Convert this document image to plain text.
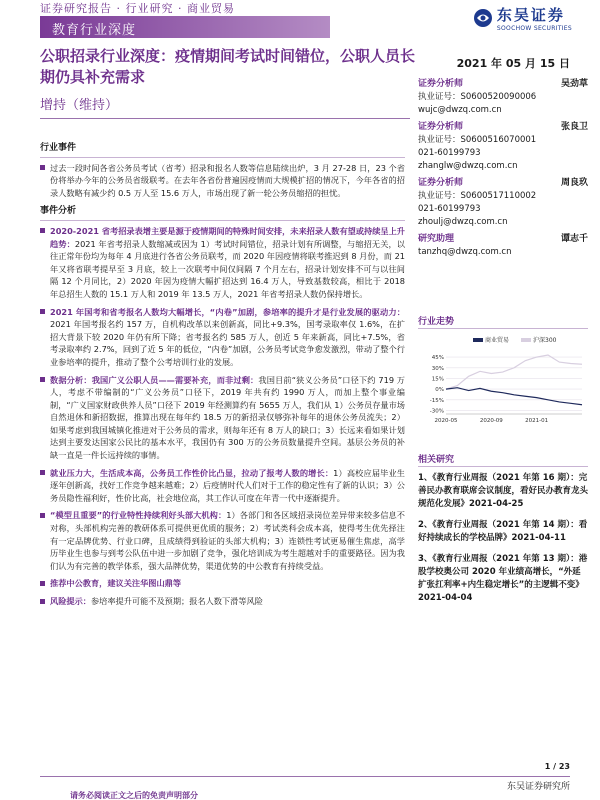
证券研究报告 · 行业研究 · 商业贸易	东吴证券
SOOCHOW SECURITIES
教育行业深度
公职招录行业深度：疫情期间考试时间错位，公职人员长期仍具补充需求
增持（维持）
2021 年 05 月 15 日
行业事件

过去一段时间各省公务员考试（省考）招录和报名人数等信息陆续出炉，3 月 27-28 日，23 个省份将举办今年的公务员省级联考。在去年各省份普遍因疫情而大规模扩招的情况下，今年各省的招录人数略有减少约 0.5 万人至 15.6 万人，市场出现了新一轮公务员缩招的担忧。

事件分析

2020-2021 省考招录表增主要是源于疫情期间的特殊时间安排，未来招录人数有望或持续呈上升趋势：2021 年省考招录人数缩减或因为 1）考试时间错位，招录计划有所调整，与缩招无关，以往正常年份均为每年 4 月底进行各省公务员联考，而 2020 年因疫情将联考推迟到 8 月份，而 21 年又将省联考提早至 3 月底，较上一次联考中间仅间隔 7 个月左右，招录计划安排不可与以往间隔 12 个月同比，2）2020 年因为疫情大幅扩招达到 16.4 万人，导致基数较高，相比于 2018 年总招生人数的 15.1 万人和 2019 年 13.5 万人，2021 年省考招录人数仍保持增长。

2021 年国考和省考报名人数均大幅增长，“内卷”加剧，参培率的提升才是行业发展的驱动力：2021 年国考报名约 157 万，自机构改革以来创新高，同比+9.3%，国考录取率仅 1.6%，在扩招大背景下较 2020 年仍有所下降；省考报名约 585 万人，创近 5 年来新高，同比+7.5%，省考录取率约 2.7%，回到了近 5 年的低位，“内卷”加剧，公务员考试竞争愈发激烈，带动了整个行业参培率的提升，推动了整个公考培训行业的发展。

数据分析：我国广义公职人员——需要补充，而非过剩：我国目前“狭义公务员”口径下约 719 万人，考虑不带编制的“广义公务员”口径下，2019 年共有约 1990 万人，而加上整个事业编制，“广义国家财政供养人员”口径下 2019 年经测算约有 5655 万人，我们从 1）公务员存量市场自然退休和新招数据，推算出现在每年约 18.5 万的新招录仅够弥补每年的退休公务员流失；2）如果考虑到我国城镇化推进对于公务员的需求，则每年还有 8 万人的缺口；3）长远来看如果计划达到主要发达国家公民比的基本水平，我国仍有 300 万的公务员数量提升空间。基层公务员的补缺一直是一件长远持续的事情。

就业压力大，生活成本高，公务员工作性价比凸显，拉动了报考人数的增长：1）高校应届毕业生逐年创新高，找好工作竞争越来越难；2）后疫情时代人们对于工作的稳定性有了新的认识；3）公务员隐性福利好，性价比高，社会地位高，其工作认可度在年青一代中逐渐提升。

“模型且重要”的行业特性持续利好头部大机构：1）各部门和各区域招录岗位差异带来较多信息不对称，头部机构完善的教研体系可提供更优质的服务；2）考试类科会成本高，使得考生优先择注有一定品牌优势、行业口碑，且成绩得到验证的头部大机构；3）连锁性考试更易催生焦虑，高学历毕业生也参与到考公队伍中进一步加剧了竞争，强化培训成为考生超越对手的重要路径。因为我们认为有完善的教学体系，强大品牌优势，渠道优势的中公教育有持续受益。

推荐中公教育，建议关注华图山鼎等

风险提示：参培率提升可能不及预期；报名人数下滑等风险

证券分析师	吴劲草
执业证号：S0600520090006
wujc@dwzq.com.cn
证券分析师	张良卫
执业证号：S0600516070001
021-60199793
zhanglw@dwzq.com.cn
证券分析师	周良玖
执业证号：S0600517110002
021-60199793
zhoulj@dwzq.com.cn
研究助理	谭志千
tanzhq@dwzq.com.cn
行业走势
商业贸易	沪深300
-30%
-15%
0%
15%
30%
45%
2020-05	2020-09	2021-01
相关研究
1、《教育行业周报（2021 年第 16 期）：完善民办教育联席会议制度，看好民办教育龙头规范化发展》2021-04-25
2、《教育行业周报（2021 年第 14 期）：看好持续成长的学校品牌》2021-04-11
3、《教育行业周报（2021 年第 13 期）：港股学校奥公司 2020 年业绩高增长，“外延扩张扛利率+内生稳定增长”的主逻辑不变》2021-04-04
1 / 23
东吴证券研究所
请务必阅读正文之后的免责声明部分
